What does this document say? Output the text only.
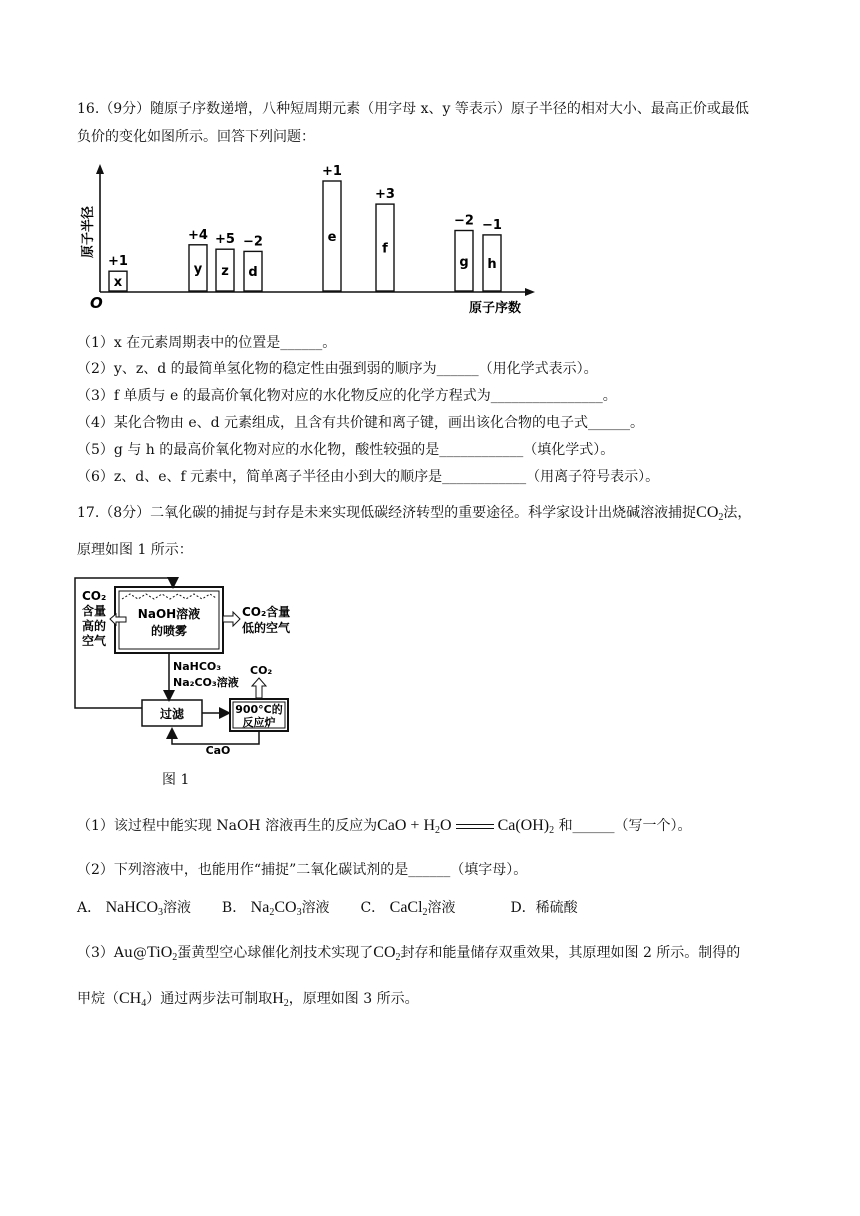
16.（9分）随原子序数递增，八种短周期元素（用字母 x、y 等表示）原子半径的相对大小、最高正价或最低
负价的变化如图所示。回答下列问题：
O
原子半径
原子序数
x
+1
y
+4
z
+5
d
−2	e
+1
f
+3
g
−2
h
−1
（1）x 在元素周期表中的位置是______。
（2）y、z、d 的最简单氢化物的稳定性由强到弱的顺序为______（用化学式表示）。
（3）f 单质与 e 的最高价氧化物对应的水化物反应的化学方程式为________________。
（4）某化合物由 e、d 元素组成，且含有共价键和离子键，画出该化合物的电子式______。
（5）g 与 h 的最高价氧化物对应的水化物，酸性较强的是____________（填化学式）。
（6）z、d、e、f 元素中，简单离子半径由小到大的顺序是____________（用离子符号表示）。
17.（8分）二氧化碳的捕捉与封存是未来实现低碳经济转型的重要途径。科学家设计出烧碱溶液捕捉$CO_2$法，
原理如图 1 所示：
NaOH溶液
的喷雾
CO₂
含量
高的
空气
CO₂含量
低的空气
NaHCO₃
Na₂CO₃溶液
过滤	900°C的
反应炉
CO₂
CaO
图 1
（1）该过程中能实现 NaOH 溶液再生的反应为CaO + $H_2O$  $Ca(OH)_2$ 和______（写一个）。
（2）下列溶液中，也能用作“捕捉”二氧化碳试剂的是______（填字母）。
A． NaHCO$_3$溶液 B． $Na_2CO_3$溶液 C． CaCl$_2$溶液	D．稀硫酸
（3）Au@TiO$_2$蛋黄型空心球催化剂技术实现了$CO_2$封存和能量储存双重效果，其原理如图 2 所示。制得的
甲烷$(CH_4)$通过两步法可制取$H_2$，原理如图 3 所示。
